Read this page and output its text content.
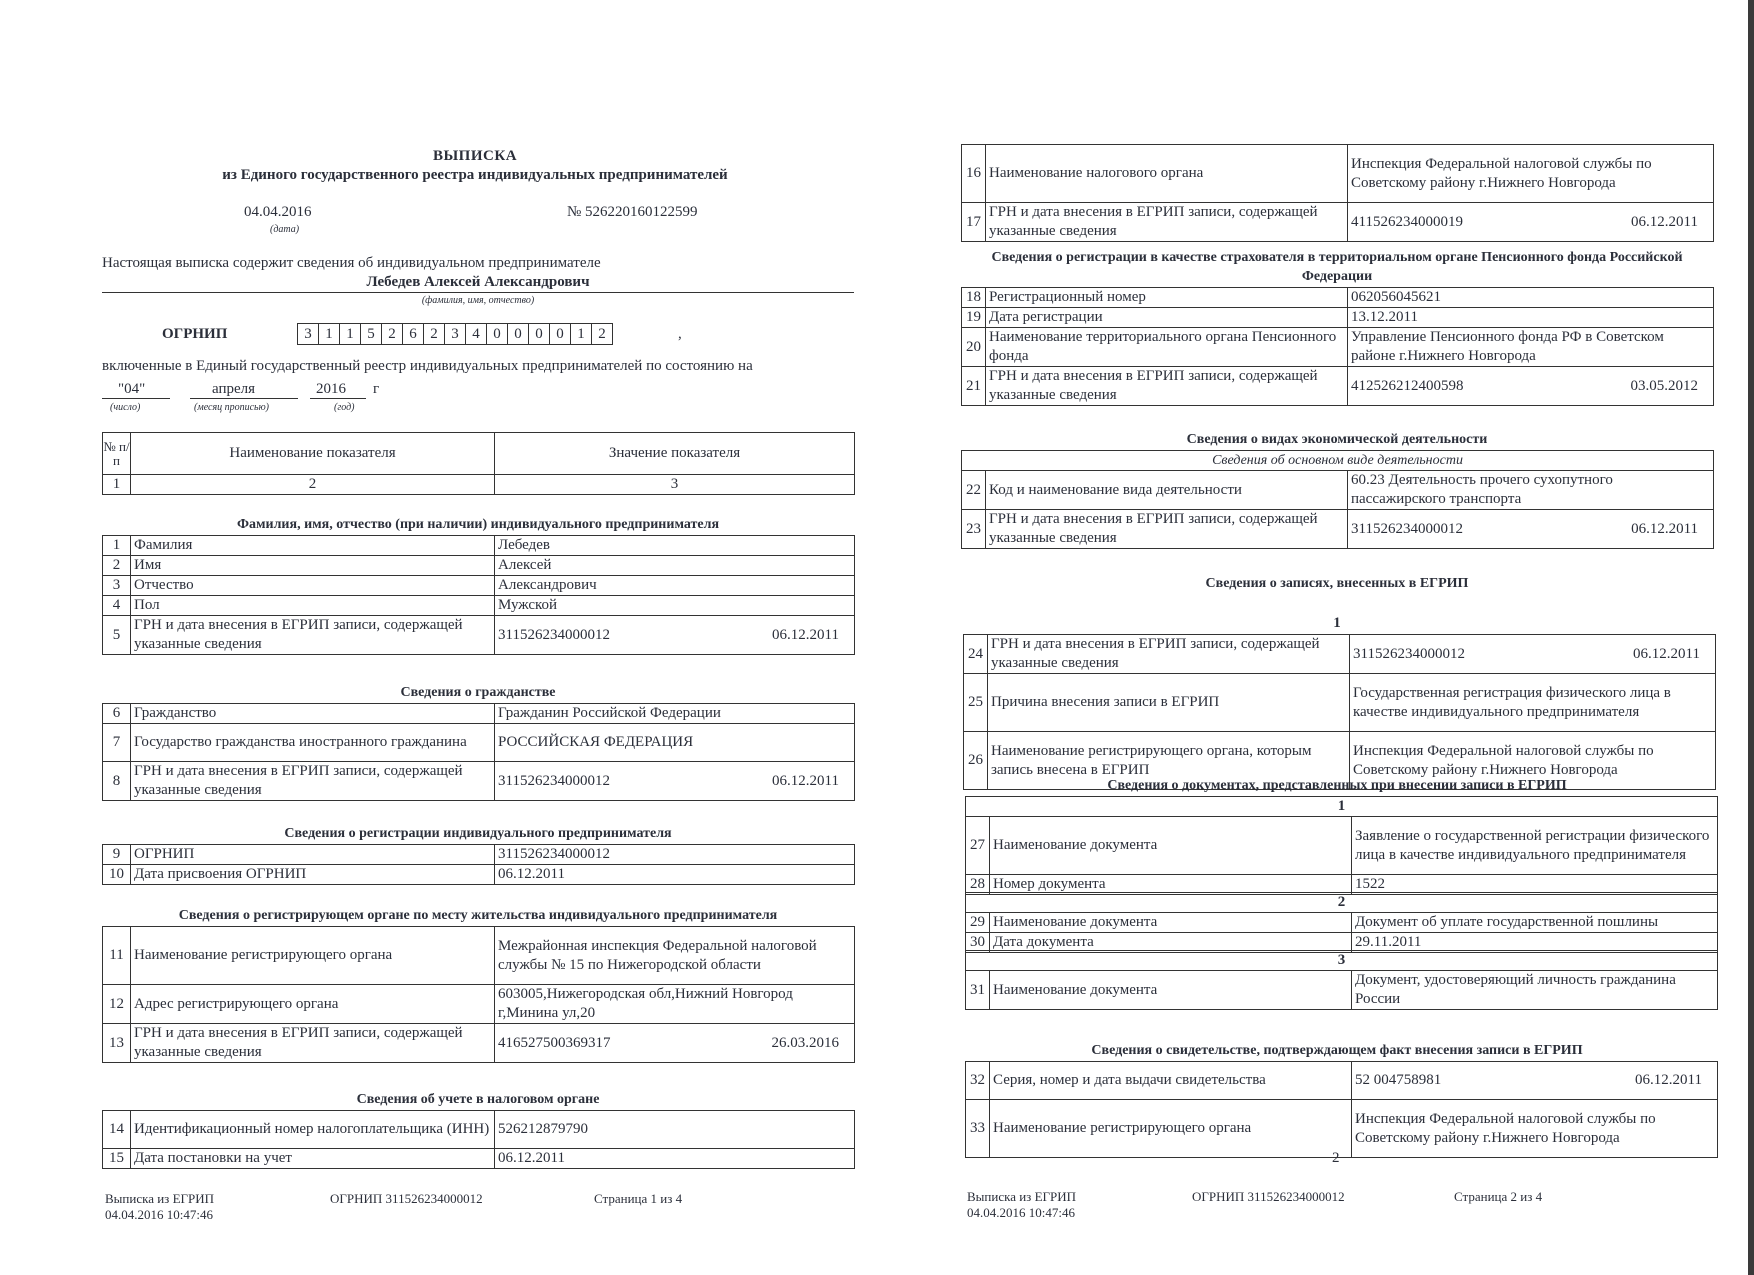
ВЫПИСКА
из Единого государственного реестра индивидуальных предпринимателей
04.04.2016
(дата)
№ 526220160122599
Настоящая выписка содержит сведения об индивидуальном предпринимателе
Лебедев Алексей Александрович
(фамилия, имя, отчество)
ОГРНИП	3 1 1 5 2 6 2 3 4 0 0 0 0 1 2	,
включенные в Единый государственный реестр индивидуальных предпринимателей по состоянию на
"04"	апреля	2016 г
(число)	(месяц прописью)	(год)
№ п/п	Наименование показателя	Значение показателя
1	2	3
Фамилия, имя, отчество (при наличии) индивидуального предпринимателя
1	Фамилия	Лебедев
2	Имя	Алексей
3	Отчество	Александрович
4	Пол	Мужской
5	ГРН и дата внесения в ЕГРИП записи, содержащей указанные сведения	311526234000012 06.12.2011
Сведения о гражданстве
6	Гражданство	Гражданин Российской Федерации
7	Государство гражданства иностранного гражданина	РОССИЙСКАЯ ФЕДЕРАЦИЯ
8	ГРН и дата внесения в ЕГРИП записи, содержащей указанные сведения	311526234000012 06.12.2011
Сведения о регистрации индивидуального предпринимателя
9	ОГРНИП	311526234000012
10	Дата присвоения ОГРНИП	06.12.2011
Сведения о регистрирующем органе по месту жительства индивидуального предпринимателя
11	Наименование регистрирующего органа	Межрайонная инспекция Федеральной налоговой службы № 15 по Нижегородской области
12	Адрес регистрирующего органа	603005,Нижегородская обл,Нижний Новгород г,Минина ул,20
13	ГРН и дата внесения в ЕГРИП записи, содержащей указанные сведения	416527500369317 26.03.2016
Сведения об учете в налоговом органе
14	Идентификационный номер налогоплательщика (ИНН)	526212879790
15	Дата постановки на учет	06.12.2011
Выписка из ЕГРИП
04.04.2016 10:47:46
ОГРНИП 311526234000012	Страница 1 из 4
16	Наименование налогового органа	Инспекция Федеральной налоговой службы по Советскому району г.Нижнего Новгорода
17	ГРН и дата внесения в ЕГРИП записи, содержащей указанные сведения	411526234000019 06.12.2011
Сведения о регистрации в качестве страхователя в территориальном органе Пенсионного фонда Российской Федерации
18	Регистрационный номер	062056045621
19	Дата регистрации	13.12.2011
20	Наименование территориального органа Пенсионного фонда	Управление Пенсионного фонда РФ в Советском районе г.Нижнего Новгорода
21	ГРН и дата внесения в ЕГРИП записи, содержащей указанные сведения	412526212400598 03.05.2012
Сведения о видах экономической деятельности
Сведения об основном виде деятельности		
22	Код и наименование вида деятельности	60.23 Деятельность прочего сухопутного пассажирского транспорта
23	ГРН и дата внесения в ЕГРИП записи, содержащей указанные сведения	311526234000012 06.12.2011
Сведения о записях, внесенных в ЕГРИП
1
24	ГРН и дата внесения в ЕГРИП записи, содержащей указанные сведения	311526234000012 06.12.2011

25	Причина внесения записи в ЕГРИП	Государственная регистрация физического лица в качестве индивидуального предпринимателя
26	Наименование регистрирующего органа, которым запись внесена в ЕГРИП	Инспекция Федеральной налоговой службы по Советскому району г.Нижнего Новгорода
Сведения о документах, представленных при внесении записи в ЕГРИП
1		
27	Наименование документа	Заявление о государственной регистрации физического лица в качестве индивидуального предпринимателя
28	Номер документа	1522
2		
29	Наименование документа	Документ об уплате государственной пошлины
30	Дата документа	29.11.2011
3
31	Наименование документа	Документ, удостоверяющий личность гражданина России
Сведения о свидетельстве, подтверждающем факт внесения записи в ЕГРИП
32	Серия, номер и дата выдачи свидетельства	52 004758981 06.12.2011

33	Наименование регистрирующего органа	Инспекция Федеральной налоговой службы по Советскому району г.Нижнего Новгорода
2
Выписка из ЕГРИП
04.04.2016 10:47:46
ОГРНИП 311526234000012	Страница 2 из 4
